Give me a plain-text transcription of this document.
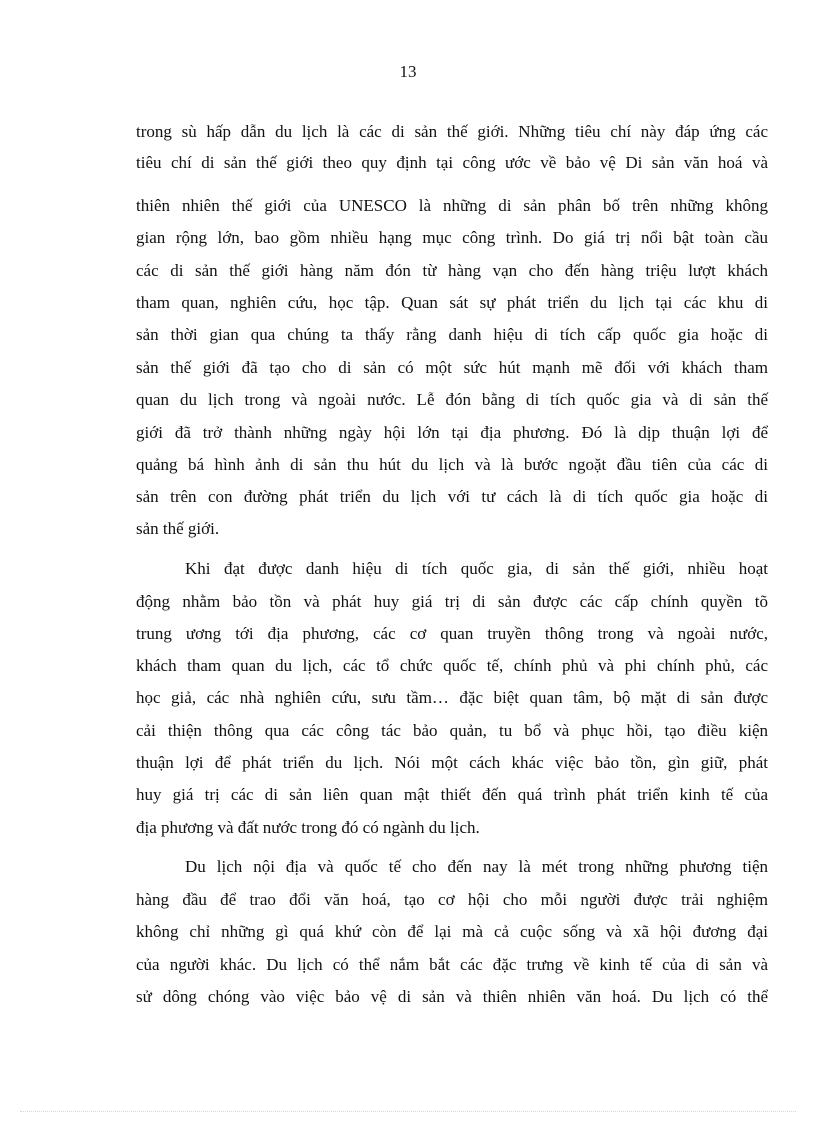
13
trong sù hấp dẫn du lịch là các di sản thế giới. Những tiêu chí này đáp ứng các
tiêu chí di sản thế giới theo quy định tại công ước về bảo vệ Di sản văn hoá và
thiên nhiên thế giới của UNESCO là những di sản phân bố trên những không
gian rộng lớn, bao gồm nhiều hạng mục công trình. Do giá trị nổi bật toàn cầu
các di sản thế giới hàng năm đón từ hàng vạn cho đến hàng triệu lượt khách
tham quan, nghiên cứu, học tập. Quan sát sự phát triển du lịch tại các khu di
sản thời gian qua chúng ta thấy rằng danh hiệu di tích cấp quốc gia hoặc di
sản thế giới đã tạo cho di sản có một sức hút mạnh mẽ đối với khách tham
quan du lịch trong và ngoài nước. Lễ đón bằng di tích quốc gia và di sản thế
giới đã trở thành những ngày hội lớn tại địa phương. Đó là dịp thuận lợi để
quảng bá hình ảnh di sản thu hút du lịch và là bước ngoặt đầu tiên của các di
sản trên con đường phát triển du lịch với tư cách là di tích quốc gia hoặc di
sản thế giới.
Khi đạt được danh hiệu di tích quốc gia, di sản thế giới, nhiều hoạt
động nhằm bảo tồn và phát huy giá trị di sản được các cấp chính quyền tõ
trung ương tới địa phương, các cơ quan truyền thông trong và ngoài nước,
khách tham quan du lịch, các tổ chức quốc tế, chính phủ và phi chính phủ, các
học giả, các nhà nghiên cứu, sưu tầm… đặc biệt quan tâm, bộ mặt di sản được
cải thiện thông qua các công tác bảo quản, tu bổ và phục hồi, tạo điều kiện
thuận lợi để phát triển du lịch. Nói một cách khác việc bảo tồn, gìn giữ, phát
huy giá trị các di sản liên quan mật thiết đến quá trình phát triển kinh tế của
địa phương và đất nước trong đó có ngành du lịch.
Du lịch nội địa và quốc tế cho đến nay là mét trong những phương tiện
hàng đầu để trao đổi văn hoá, tạo cơ hội cho mỗi người được trải nghiệm
không chỉ những gì quá khứ còn để lại mà cả cuộc sống và xã hội đương đại
của người khác. Du lịch có thể nắm bắt các đặc trưng về kinh tế của di sản và
sử dông chóng vào việc bảo vệ di sản và thiên nhiên văn hoá. Du lịch có thể
